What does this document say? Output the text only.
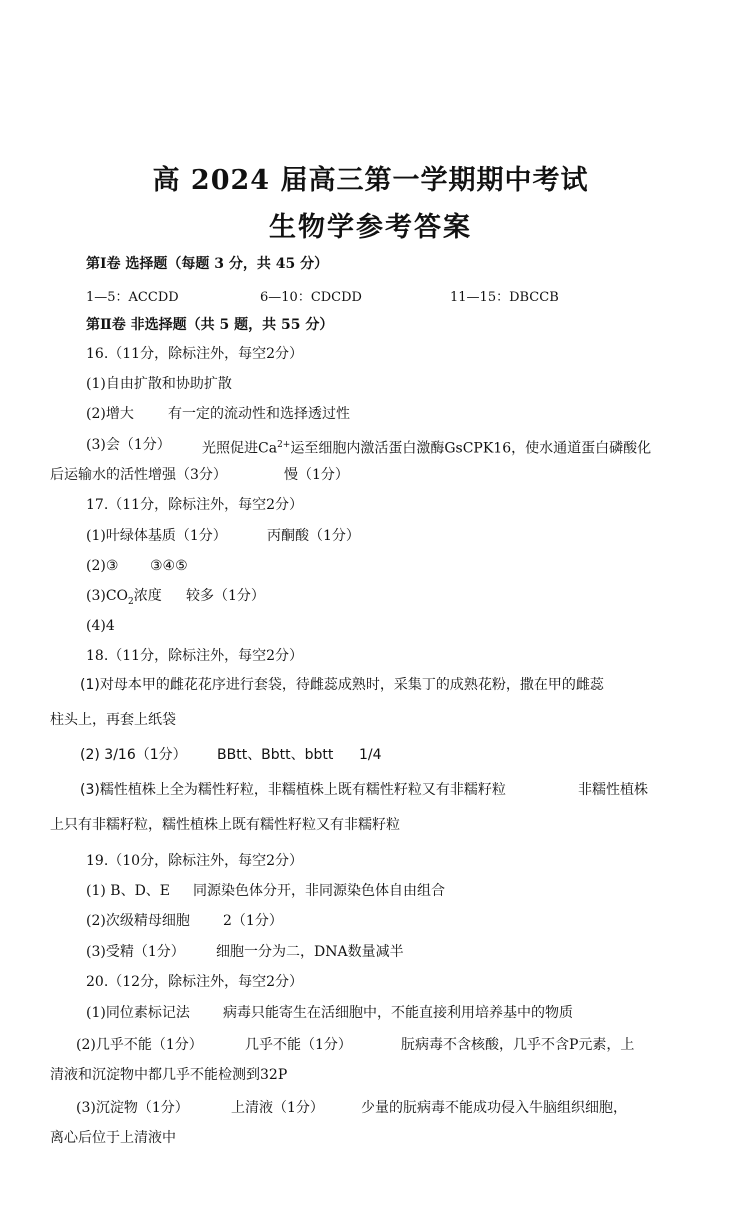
高 2024 届高三第一学期期中考试
生物学参考答案
第Ⅰ卷 选择题（每题 3 分，共 45 分）
1—5：ACCDD	6—10：CDCDD	11—15：DBCCB
第Ⅱ卷 非选择题（共 5 题，共 55 分）
16.（11分，除标注外，每空2分）
(1)自由扩散和协助扩散
(2)增大 有一定的流动性和选择透过性
(3)会（1分） 光照促进$Ca^{2+}$运至细胞内激活蛋白激酶GsCPK16，使水通道蛋白磷酸化
后运输水的活性增强（3分）	慢（1分）
17.（11分，除标注外，每空2分）
(1)叶绿体基质（1分）	丙酮酸（1分）
(2)③ ③④⑤
$(3)CO_2$浓度 较多（1分）
(4)4
18.（11分，除标注外，每空2分）
(1)对母本甲的雌花花序进行套袋，待雌蕊成熟时，采集丁的成熟花粉，撒在甲的雌蕊
柱头上，再套上纸袋
(2) 3/16（1分） BBtt、Bbtt、bbtt 1/4
(3)糯性植株上全为糯性籽粒，非糯植株上既有糯性籽粒又有非糯籽粒	非糯性植株
上只有非糯籽粒，糯性植株上既有糯性籽粒又有非糯籽粒
19.（10分，除标注外，每空2分）
(1) B、D、E 同源染色体分开，非同源染色体自由组合
(2)次级精母细胞 2（1分）
(3)受精（1分） 细胞一分为二，DNA数量减半
20.（12分，除标注外，每空2分）
(1)同位素标记法 病毒只能寄生在活细胞中，不能直接利用培养基中的物质
(2)几乎不能（1分）	几乎不能（1分）	朊病毒不含核酸，几乎不含P元素，上
清液和沉淀物中都几乎不能检测到32P
(3)沉淀物（1分）	上清液（1分）	少量的朊病毒不能成功侵入牛脑组织细胞，
离心后位于上清液中
